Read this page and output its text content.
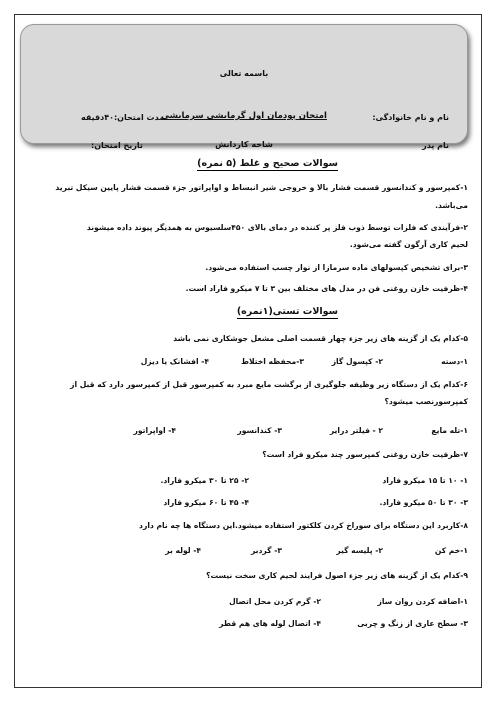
باسمه تعالی
نام و نام خانوادگی:
امتحان پودمان اول گرمایشی سرمایشی
مدت امتحان:۴۰دقیقه
نام پدر
شاخه کاردانش
تاریخ امتحان:
سوالات صحیح و غلط (۵ نمره)
۱-کمپرسور و کندانسور قسمت فشار بالا و خروجی شیر انبساط و اواپراتور جزء قسمت فشار پایین سیکل تبرید
می‌باشد.
۲-فرآیندی که فلزات توسط ذوب فلز پر کننده در دمای بالای ۴۵۰سلسیوس به همدیگر پیوند داده میشوند
لحیم کاری آرگون گفته می‌شود.
۳-برای تشخیص کپسولهای ماده سرمازا از نوار چسب استفاده می‌شود.
۴-ظرفیت خازن روغنی فن در مدل های مختلف بین ۳ تا ۷ میکرو فاراد است.
سوالات تستی(۱نمره)
۵-کدام یک از گزینه های زیر جزء چهار قسمت اصلی مشعل جوشکاری نمی باشد
۱-دسته
۲- کپسول گاز
۳-محفظه اختلاط
۴- افشانک یا دیزل
۶-کدام یک از دستگاه زیر وظیفه جلوگیری از برگشت مایع مبرد به کمپرسور قبل از کمپرسور دارد که قبل از
کمپرسورنصب میشود؟
۱-تله مایع
۲ - فیلتر درایر
۳- کندانسور
۴- اواپراتور
۷-ظرفیت خازن روغنی کمپرسور چند میکرو فراد است؟
۱- ۱۰ تا ۱۵ میکرو فاراد
۲- ۲۵ تا ۳۰ میکرو فاراد.
۳- ۳۰ تا ۵۰ میکرو فاراد.
۴- ۴۵ تا ۶۰ میکرو فاراد
۸-کاربرد این دستگاه برای سوراخ کردن کلکتور استفاده میشود.این دستگاه ها چه نام دارد
۱-خم کن
۲- پلیسه گیر
۳- گردبر
۴- لوله بر
۹-کدام یک از گزینه های زیر جزء اصول فرایند لحیم کاری سخت نیست؟
۱-اضافه کردن روان ساز
۲- گرم کردن محل اتصال
۳- سطح عاری از زنگ و چربی
۴- اتصال لوله های هم قطر
